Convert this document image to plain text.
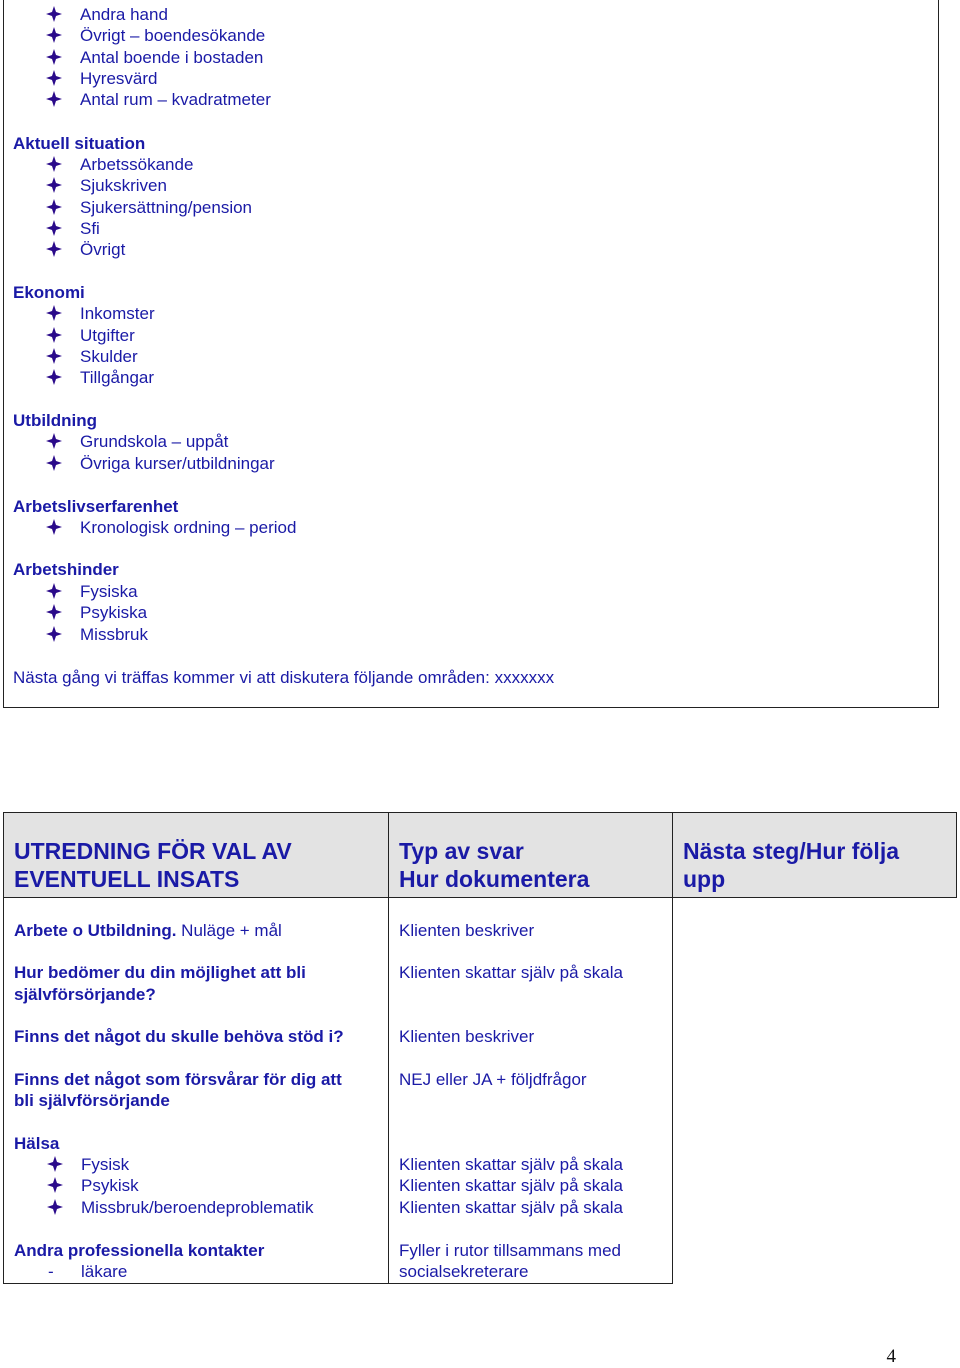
Andra hand
Övrigt – boendesökande
Antal boende i bostaden
Hyresvärd
Antal rum – kvadratmeter
Aktuell situation
Arbetssökande
Sjukskriven
Sjukersättning/pension
Sfi
Övrigt
Ekonomi
Inkomster
Utgifter
Skulder
Tillgångar
Utbildning
Grundskola – uppåt
Övriga kurser/utbildningar
Arbetslivserfarenhet
Kronologisk ordning – period
Arbetshinder
Fysiska
Psykiska
Missbruk
Nästa gång vi träffas kommer vi att diskutera följande områden: xxxxxxx
UTREDNING FÖR VAL AV
EVENTUELL INSATS
Typ av svar
Hur dokumentera
Nästa steg/Hur följa
upp
Arbete o Utbildning. Nuläge + mål
Hur bedömer du din möjlighet att bli
självförsörjande?
Finns det något du skulle behöva stöd i?
Finns det något som försvårar för dig att
bli självförsörjande
Hälsa
Fysisk
Psykisk
Missbruk/beroendeproblematik
Andra professionella kontakter
- läkare
Klienten beskriver
Klienten skattar själv på skala
Klienten beskriver
NEJ eller JA + följdfrågor
Klienten skattar själv på skala
Klienten skattar själv på skala
Klienten skattar själv på skala
Fyller i rutor tillsammans med
socialsekreterare
4
